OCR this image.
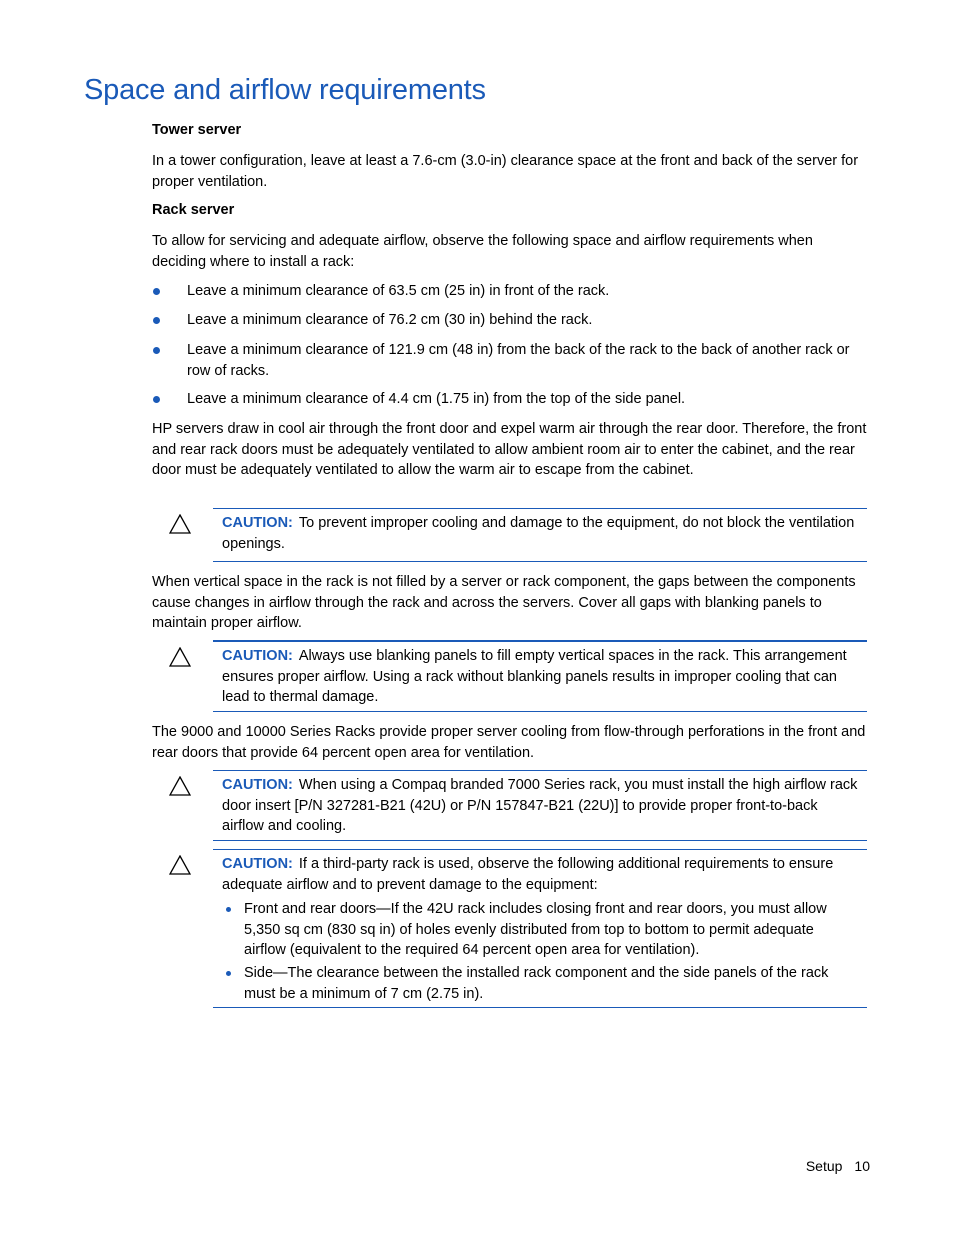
Space and airflow requirements
Tower server

In a tower configuration, leave at least a 7.6-cm (3.0-in) clearance space at the front and back of the server for proper ventilation.

Rack server

To allow for servicing and adequate airflow, observe the following space and airflow requirements when deciding where to install a rack:

Leave a minimum clearance of 63.5 cm (25 in) in front of the rack.
Leave a minimum clearance of 76.2 cm (30 in) behind the rack.
Leave a minimum clearance of 121.9 cm (48 in) from the back of the rack to the back of another rack or row of racks.
Leave a minimum clearance of 4.4 cm (1.75 in) from the top of the side panel.

HP servers draw in cool air through the front door and expel warm air through the rear door. Therefore, the front and rear rack doors must be adequately ventilated to allow ambient room air to enter the cabinet, and the rear door must be adequately ventilated to allow the warm air to escape from the cabinet.

When vertical space in the rack is not filled by a server or rack component, the gaps between the components cause changes in airflow through the rack and across the servers. Cover all gaps with blanking panels to maintain proper airflow.

The 9000 and 10000 Series Racks provide proper server cooling from flow-through perforations in the front and rear doors that provide 64 percent open area for ventilation.

CAUTION: To prevent improper cooling and damage to the equipment, do not block the ventilation openings.
CAUTION: Always use blanking panels to fill empty vertical spaces in the rack. This arrangement ensures proper airflow. Using a rack without blanking panels results in improper cooling that can lead to thermal damage.
CAUTION: When using a Compaq branded 7000 Series rack, you must install the high airflow rack door insert [P/N 327281-B21 (42U) or P/N 157847-B21 (22U)] to provide proper front-to-back airflow and cooling.
CAUTION: If a third-party rack is used, observe the following additional requirements to ensure adequate airflow and to prevent damage to the equipment:
Front and rear doors—If the 42U rack includes closing front and rear doors, you must allow 5,350 sq cm (830 sq in) of holes evenly distributed from top to bottom to permit adequate airflow (equivalent to the required 64 percent open area for ventilation).
Side—The clearance between the installed rack component and the side panels of the rack must be a minimum of 7 cm (2.75 in).
Setup 10
